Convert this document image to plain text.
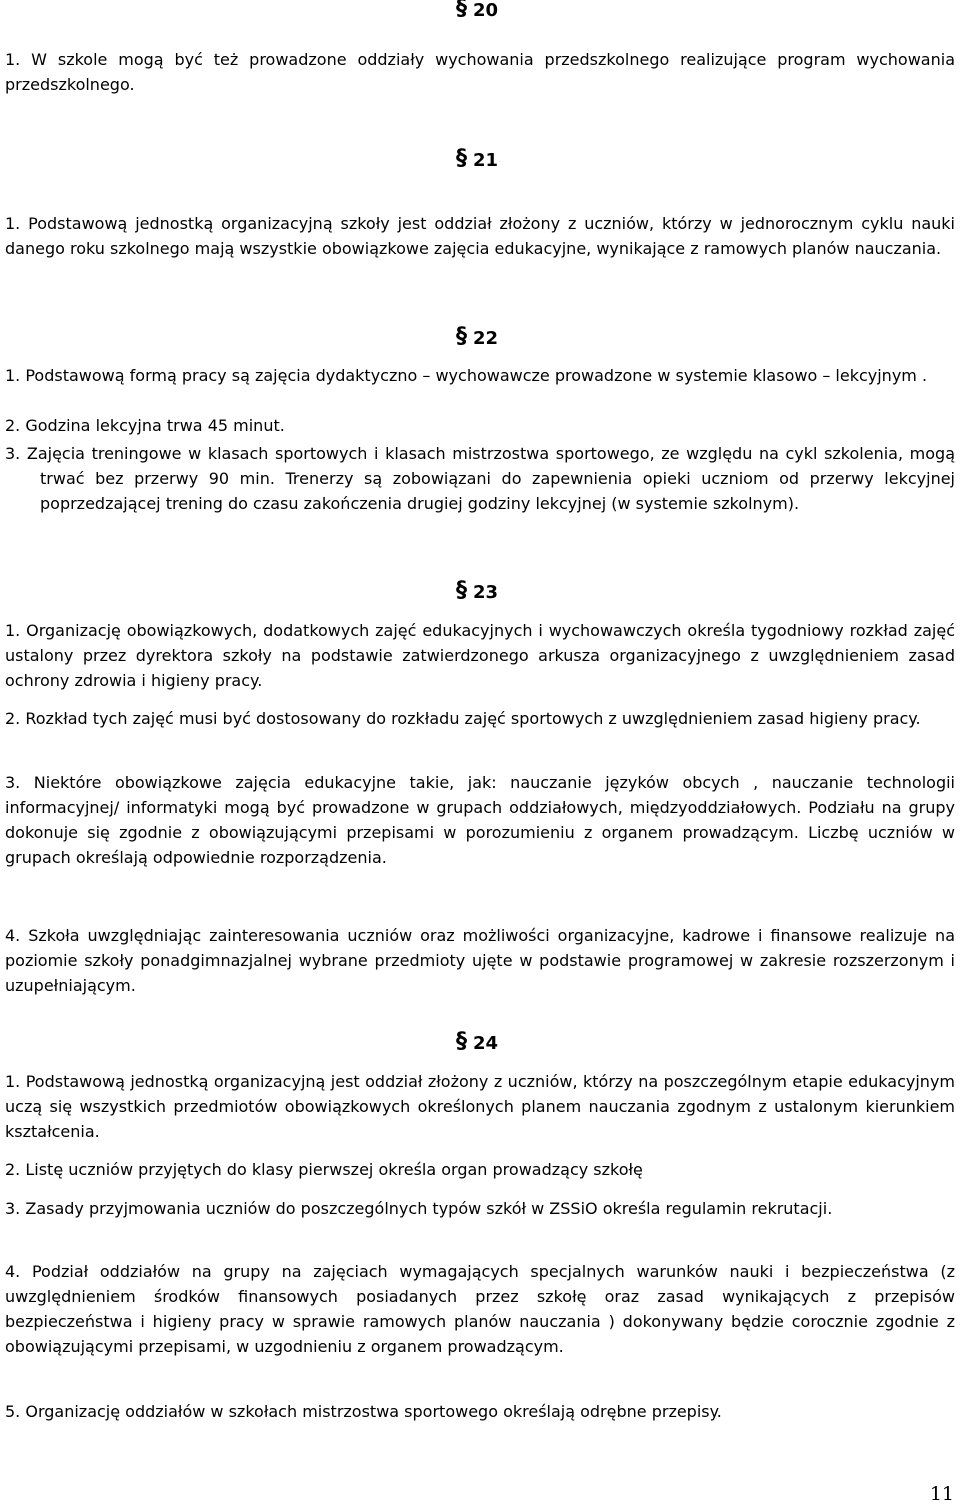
§ 20
1. W szkole mogą być też prowadzone oddziały wychowania przedszkolnego realizujące program wychowania przedszkolnego.
§ 21
1. Podstawową jednostką organizacyjną szkoły jest oddział złożony z uczniów, którzy w jednorocznym cyklu nauki danego roku szkolnego mają wszystkie obowiązkowe zajęcia edukacyjne, wynikające z ramowych planów nauczania.
§ 22
1. Podstawową formą pracy są zajęcia dydaktyczno – wychowawcze prowadzone w systemie klasowo – lekcyjnym .
2. Godzina lekcyjna trwa 45 minut.
3. Zajęcia treningowe w klasach sportowych i klasach mistrzostwa sportowego, ze względu na cykl szkolenia, mogą trwać bez przerwy 90 min. Trenerzy są zobowiązani do zapewnienia opieki uczniom od przerwy lekcyjnej poprzedzającej trening do czasu zakończenia drugiej godziny lekcyjnej (w systemie szkolnym).
§ 23
1. Organizację obowiązkowych, dodatkowych zajęć edukacyjnych i wychowawczych określa tygodniowy rozkład zajęć ustalony przez dyrektora szkoły na podstawie zatwierdzonego arkusza organizacyjnego z uwzględnieniem zasad ochrony zdrowia i higieny pracy.
2. Rozkład tych zajęć musi być dostosowany do rozkładu zajęć sportowych z uwzględnieniem zasad higieny pracy.
3. Niektóre obowiązkowe zajęcia edukacyjne takie, jak: nauczanie języków obcych , nauczanie technologii informacyjnej/ informatyki mogą być prowadzone w grupach oddziałowych, międzyoddziałowych. Podziału na grupy dokonuje się zgodnie z obowiązującymi przepisami w porozumieniu z organem prowadzącym. Liczbę uczniów w grupach określają odpowiednie rozporządzenia.
4. Szkoła uwzględniając zainteresowania uczniów oraz możliwości organizacyjne, kadrowe i finansowe realizuje na poziomie szkoły ponadgimnazjalnej wybrane przedmioty ujęte w podstawie programowej w zakresie rozszerzonym i uzupełniającym.
§ 24
1. Podstawową jednostką organizacyjną jest oddział złożony z uczniów, którzy na poszczególnym etapie edukacyjnym uczą się wszystkich przedmiotów obowiązkowych określonych planem nauczania zgodnym z ustalonym kierunkiem kształcenia.
2. Listę uczniów przyjętych do klasy pierwszej określa organ prowadzący szkołę
3. Zasady przyjmowania uczniów do poszczególnych typów szkół w ZSSiO określa regulamin rekrutacji.
4. Podział oddziałów na grupy na zajęciach wymagających specjalnych warunków nauki i bezpieczeństwa (z uwzględnieniem środków finansowych posiadanych przez szkołę oraz zasad wynikających z przepisów bezpieczeństwa i higieny pracy w sprawie ramowych planów nauczania ) dokonywany będzie corocznie zgodnie z obowiązującymi przepisami, w uzgodnieniu z organem prowadzącym.
5. Organizację oddziałów w szkołach mistrzostwa sportowego określają odrębne przepisy.
11
